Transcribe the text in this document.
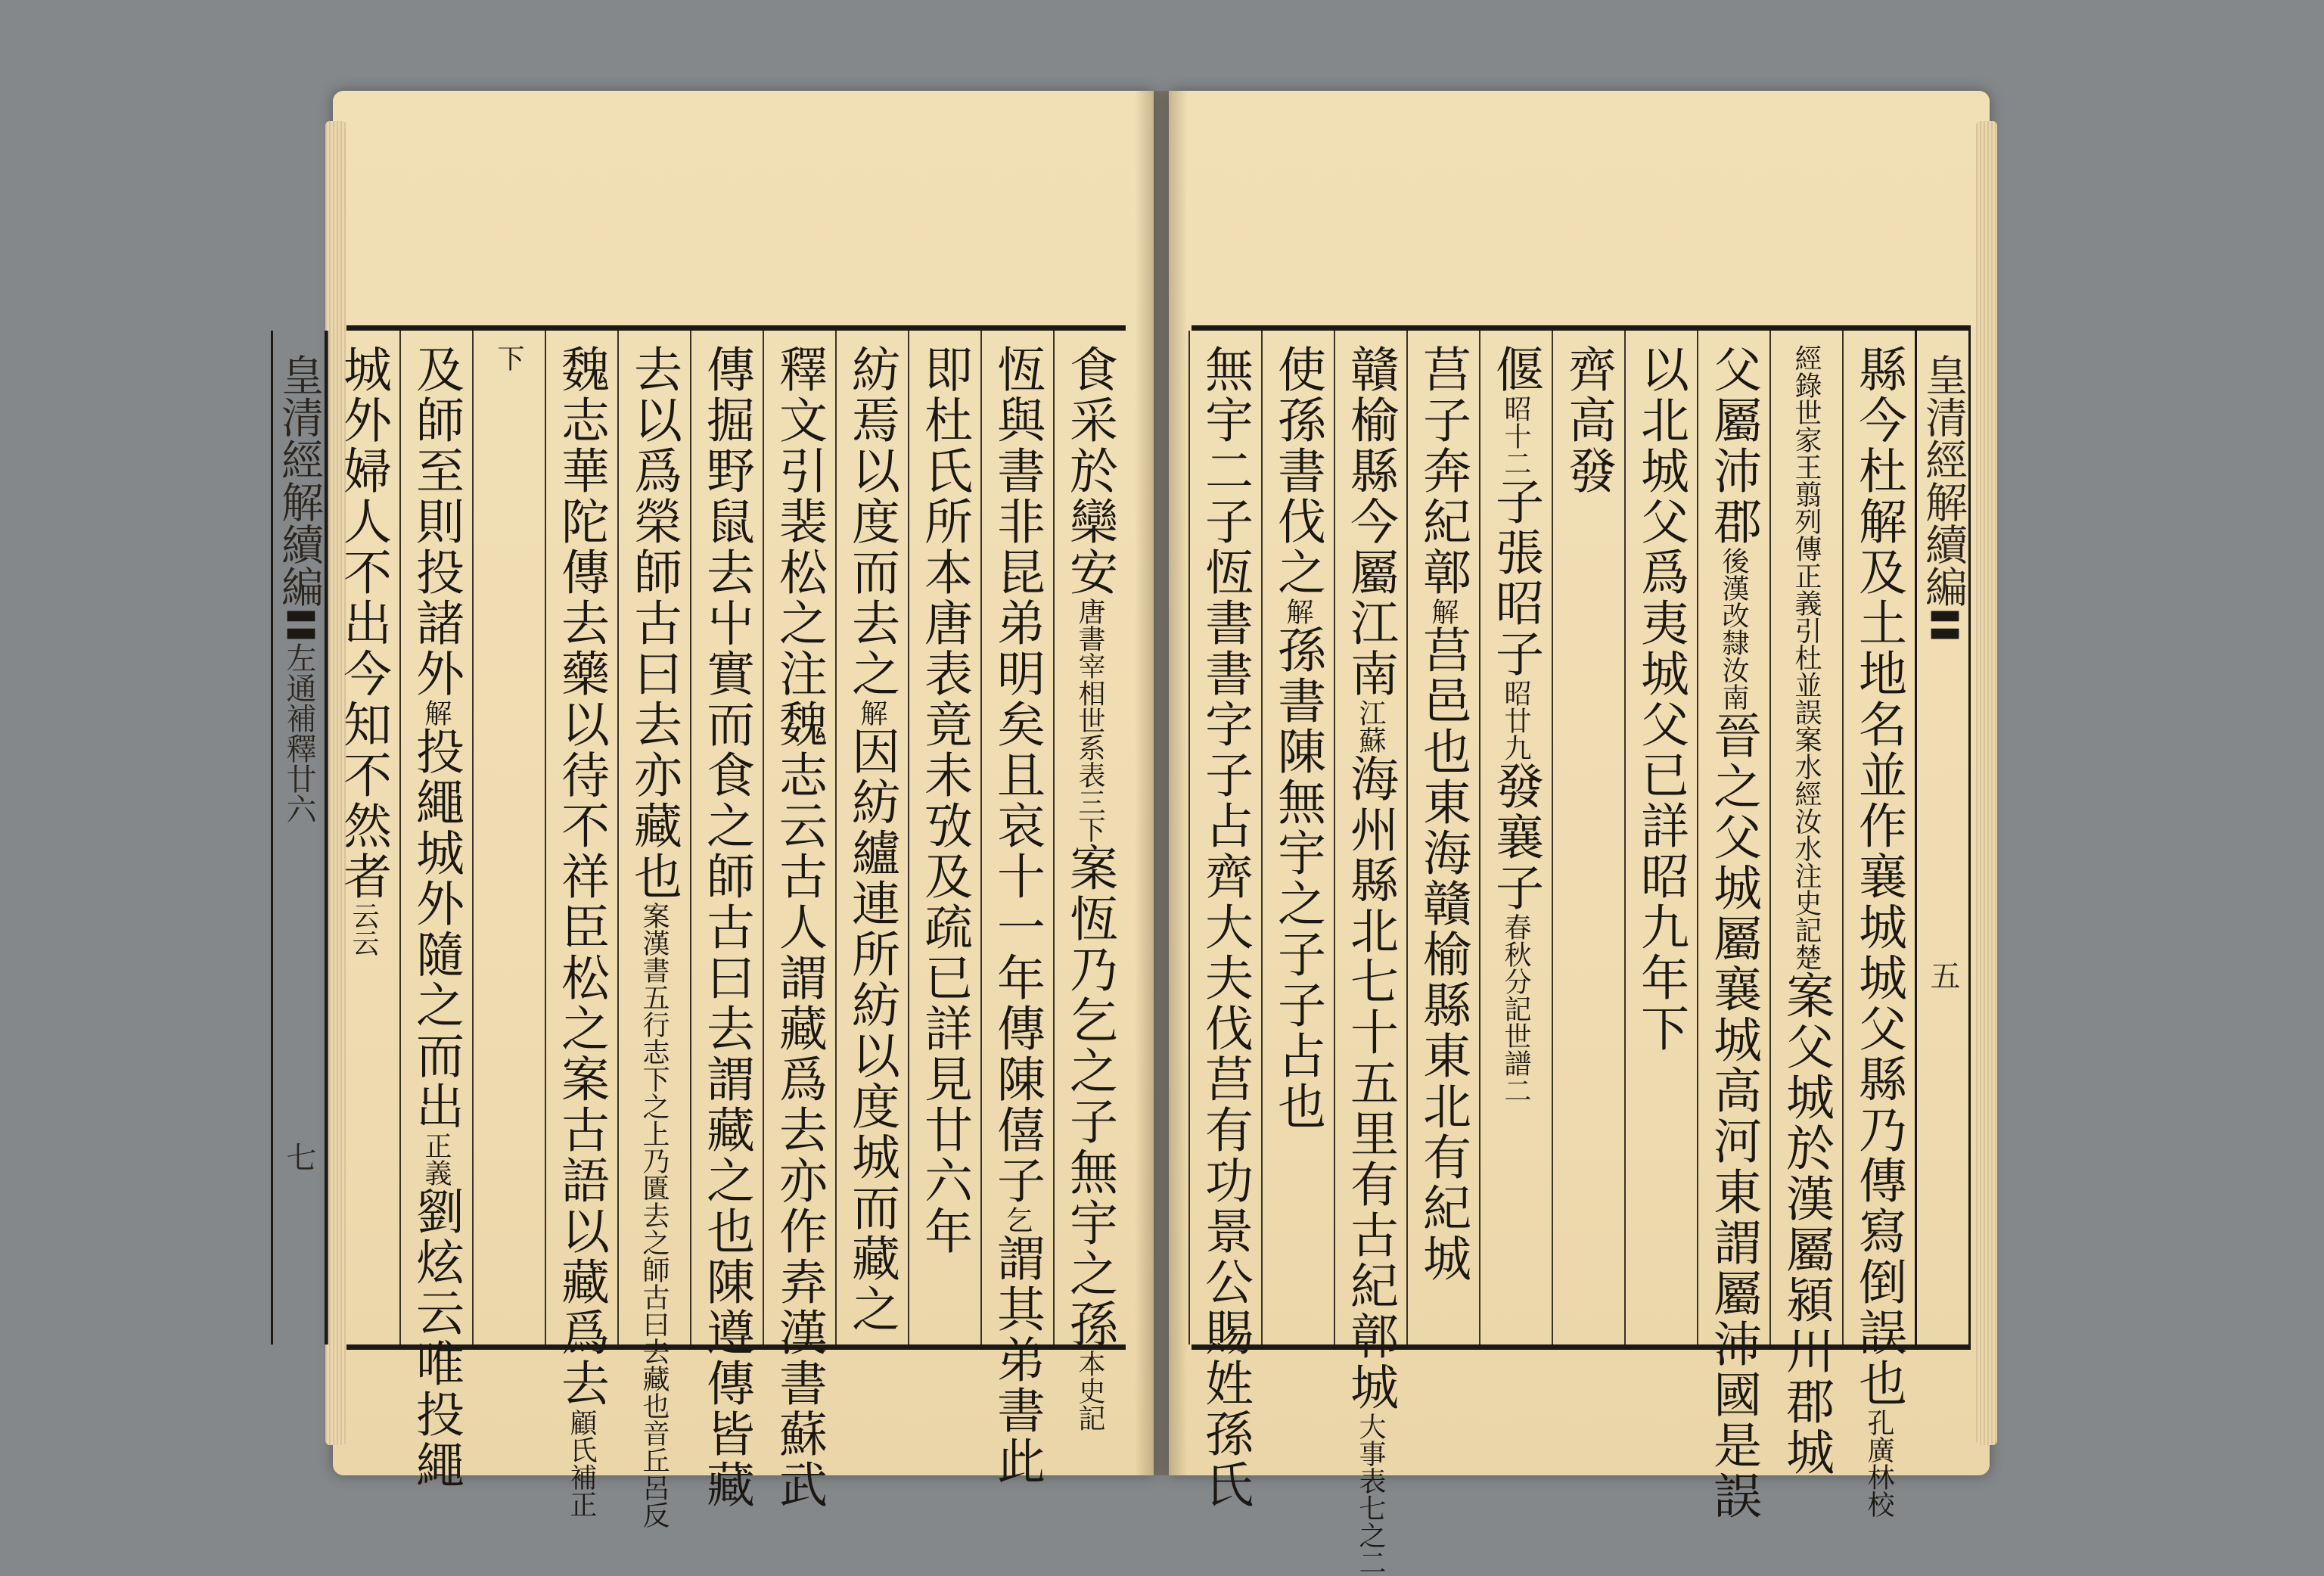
食采於欒安唐書宰相世系表三下案恆乃乞之子無宇之孫本史記
恆與書非昆弟明矣且哀十一年傳陳僖子乞謂其弟書此
即杜氏所本唐表竟未攷及疏已詳見廿六年
紡焉以度而去之解因紡纑連所紡以度城而藏之
釋文引裴松之注魏志云古人謂藏爲去亦作弆漢書蘇武
傳掘野鼠去屮實而食之師古曰去謂藏之也陳遵傳皆藏
去以爲榮師古曰去亦藏也案漢書五行志下之上乃匱去之師古曰去藏也音丘呂反
魏志華陀傳去藥以待不祥臣松之案古語以藏爲去顧氏補正
下
及師至則投諸外解投繩城外隨之而出正義劉炫云唯投繩
城外婦人不出今知不然者云云
皇清經解續編〓左通補釋廿六七
皇清經解續編〓五
縣今杜解及土地名並作襄城城父縣乃傳寫倒誤也孔廣林校
經錄世家王翦列傳正義引杜並誤案水經汝水注史記楚案父城於漢屬潁川郡城
父屬沛郡後漢改隸汝南晉之父城屬襄城高河東謂屬沛國是誤
以北城父爲夷城父已詳昭九年下
齊高發
偃昭十二子張昭子昭廿九發襄子春秋分記世譜二
莒子奔紀鄣解莒邑也東海贛榆縣東北有紀城
贛榆縣今屬江南江蘇海州縣北七十五里有古紀鄣城大事表七之二
使孫書伐之解孫書陳無宇之子子占也
無宇二子恆書書字子占齊大夫伐莒有功景公賜姓孫氏
